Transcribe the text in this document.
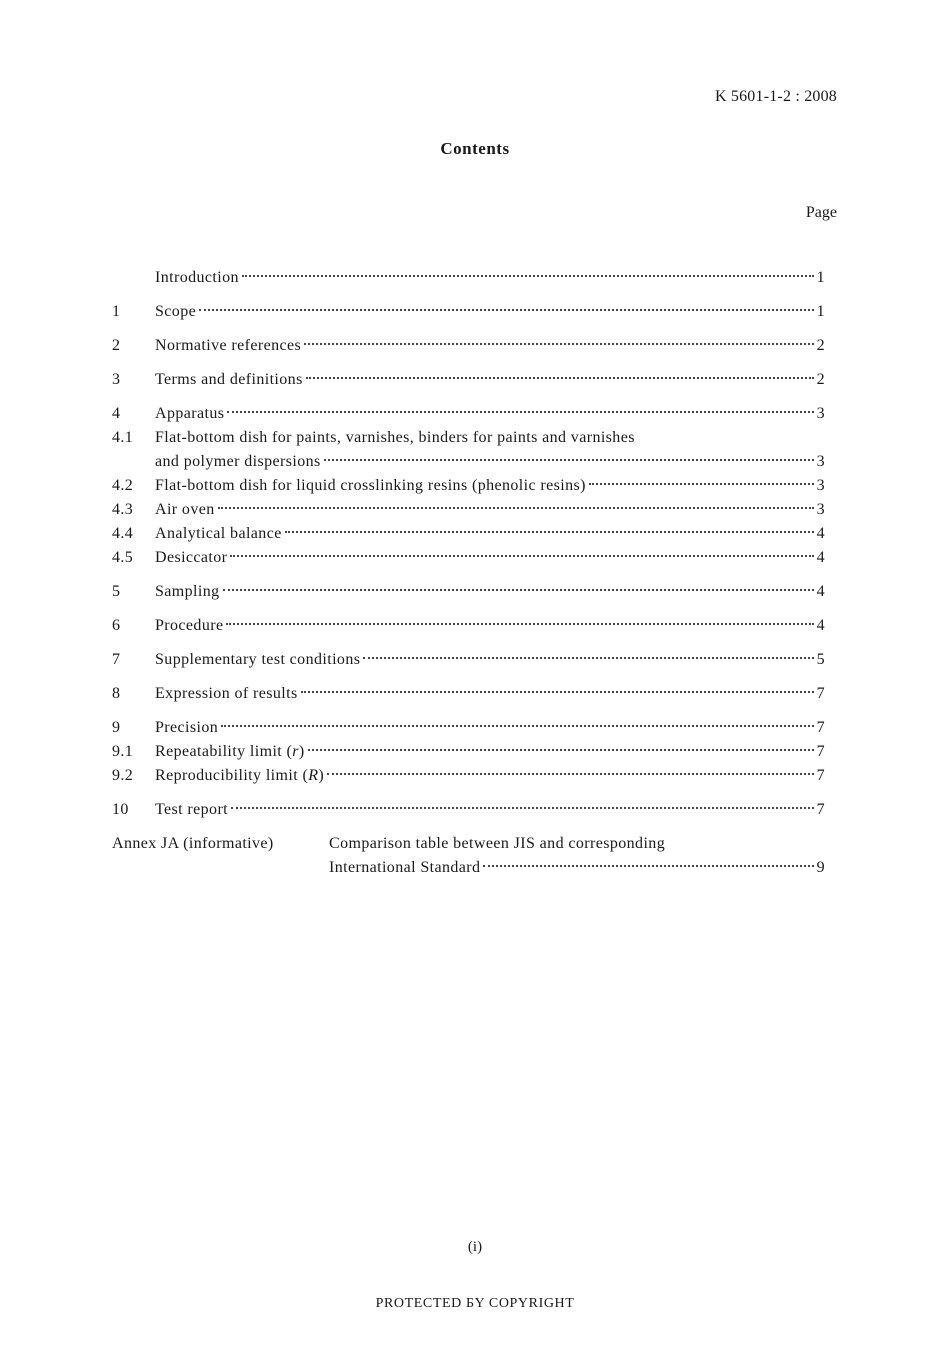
K 5601-1-2 : 2008
Contents
Page
Introduction	1
1	Scope	1
2	Normative references	2
3	Terms and definitions	2
4	Apparatus	3
4.1	Flat-bottom dish for paints, varnishes, binders for paints and varnishes
and polymer dispersions	3
4.2	Flat-bottom dish for liquid crosslinking resins (phenolic resins)	3
4.3	Air oven	3
4.4	Analytical balance	4
4.5	Desiccator	4
5	Sampling	4
6	Procedure	4
7	Supplementary test conditions	5
8	Expression of results	7
9	Precision	7
9.1	Repeatability limit (r)	7
9.2	Reproducibility limit (R)	7
10	Test report	7
Annex JA (informative)	Comparison table between JIS and corresponding
International Standard	9
(i)
PROTECTED БY COPYRIGHT
